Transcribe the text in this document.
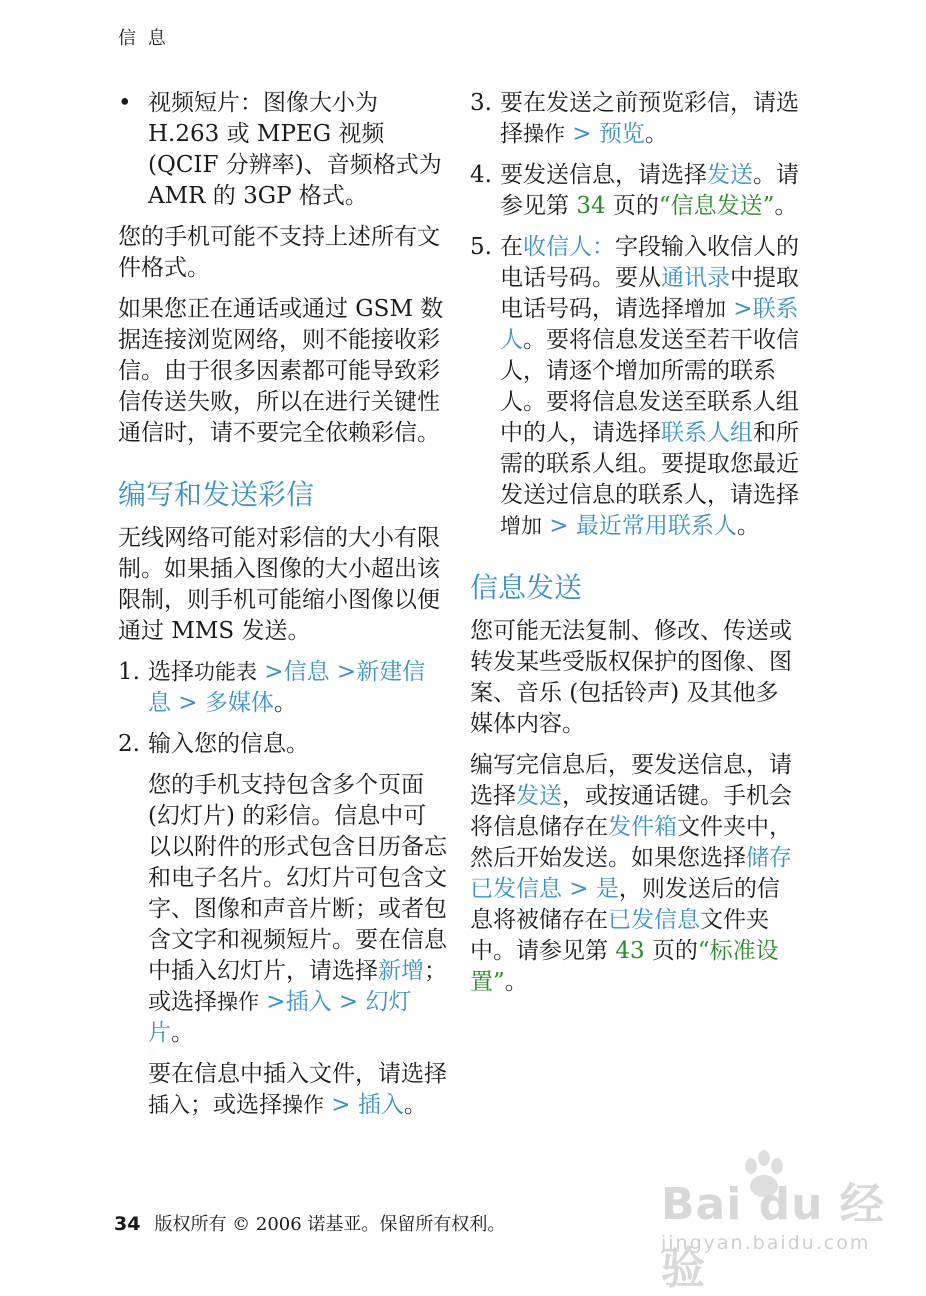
信 息

• 视频短片：图像大小为 H.263 或 MPEG 视频 (QCIF 分辨率)、音频格式为 AMR 的 3GP 格式。

您的手机可能不支持上述所有文件格式。

如果您正在通话或通过 GSM 数据连接浏览网络，则不能接收彩信。由于很多因素都可能导致彩信传送失败，所以在进行关键性通信时，请不要完全依赖彩信。

编写和发送彩信

无线网络可能对彩信的大小有限制。如果插入图像的大小超出该限制，则手机可能缩小图像以便通过 MMS 发送。

1. 选择功能表 >信息 >新建信息 > 多媒体。

2. 输入您的信息。

您的手机支持包含多个页面 (幻灯片) 的彩信。信息中可以以附件的形式包含日历备忘和电子名片。幻灯片可包含文字、图像和声音片断；或者包含文字和视频短片。要在信息中插入幻灯片，请选择新增；或选择操作 >插入 > 幻灯片。

要在信息中插入文件，请选择插入；或选择操作 > 插入。

3. 要在发送之前预览彩信，请选择操作 > 预览。

4. 要发送信息，请选择发送。请参见第 34 页的“信息发送”。

5. 在收信人：字段输入收信人的电话号码。要从通讯录中提取电话号码，请选择增加 >联系人。要将信息发送至若干收信人，请逐个增加所需的联系人。要将信息发送至联系人组中的人，请选择联系人组和所需的联系人组。要提取您最近发送过信息的联系人，请选择增加 > 最近常用联系人。

信息发送

您可能无法复制、修改、传送或转发某些受版权保护的图像、图案、音乐 (包括铃声) 及其他多媒体内容。

编写完信息后，要发送信息，请选择发送，或按通话键。手机会将信息储存在发件箱文件夹中，然后开始发送。如果您选择储存已发信息 > 是，则发送后的信息将被储存在已发信息文件夹中。请参见第 43 页的“标准设置”。

34 版权所有 © 2006 诺基亚。保留所有权利。	Bai du 经验
jingyan.baidu.com
